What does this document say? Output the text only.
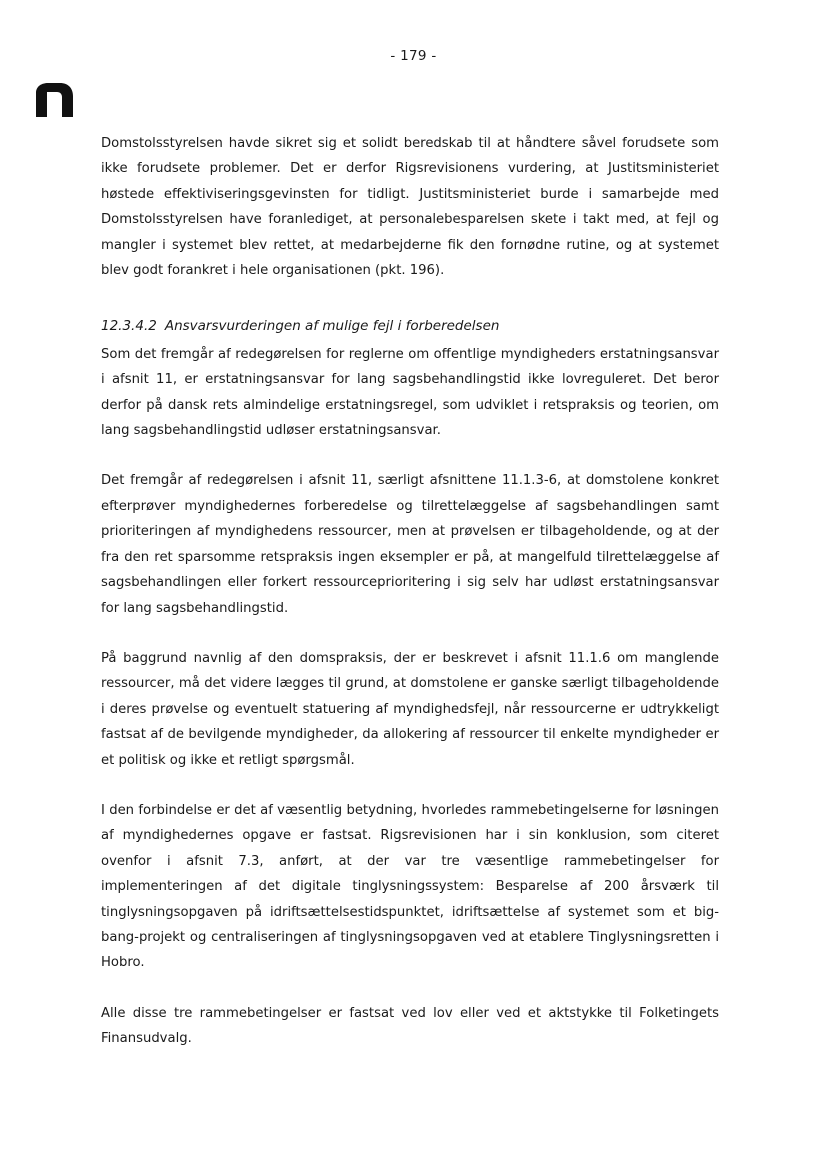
- 179 -

Domstolsstyrelsen havde sikret sig et solidt beredskab til at håndtere såvel forudsete som ikke forudsete problemer. Det er derfor Rigsrevisionens vurdering, at Justitsministeriet høstede effektiviseringsgevinsten for tidligt. Justitsministeriet burde i samarbejde med Domstolsstyrelsen have foranlediget, at personalebesparelsen skete i takt med, at fejl og mangler i systemet blev rettet, at medarbejderne fik den fornødne rutine, og at systemet blev godt forankret i hele organisationen (pkt. 196).

12.3.4.2 Ansvarsvurderingen af mulige fejl i forberedelsen

Som det fremgår af redegørelsen for reglerne om offentlige myndigheders erstatningsansvar i afsnit 11, er erstatningsansvar for lang sagsbehandlingstid ikke lovreguleret. Det beror derfor på dansk rets almindelige erstatningsregel, som udviklet i retspraksis og teorien, om lang sagsbehandlingstid udløser erstatningsansvar.

Det fremgår af redegørelsen i afsnit 11, særligt afsnittene 11.1.3-6, at domstolene konkret efterprøver myndighedernes forberedelse og tilrettelæggelse af sagsbehandlingen samt prioriteringen af myndighedens ressourcer, men at prøvelsen er tilbageholdende, og at der fra den ret sparsomme retspraksis ingen eksempler er på, at mangelfuld tilrettelæggelse af sagsbehandlingen eller forkert ressourceprioritering i sig selv har udløst erstatningsansvar for lang sagsbehandlingstid.

På baggrund navnlig af den domspraksis, der er beskrevet i afsnit 11.1.6 om manglende ressourcer, må det videre lægges til grund, at domstolene er ganske særligt tilbageholdende i deres prøvelse og eventuelt statuering af myndighedsfejl, når ressourcerne er udtrykkeligt fastsat af de bevilgende myndigheder, da allokering af ressourcer til enkelte myndigheder er et politisk og ikke et retligt spørgsmål.

I den forbindelse er det af væsentlig betydning, hvorledes rammebetingelserne for løsningen af myndighedernes opgave er fastsat. Rigsrevisionen har i sin konklusion, som citeret ovenfor i afsnit 7.3, anført, at der var tre væsentlige rammebetingelser for implementeringen af det digitale tinglysningssystem: Besparelse af 200 årsværk til tinglysningsopgaven på idriftsættelsestidspunktet, idriftsættelse af systemet som et big-bang-projekt og centraliseringen af tinglysningsopgaven ved at etablere Tinglysningsretten i Hobro.

Alle disse tre rammebetingelser er fastsat ved lov eller ved et aktstykke til Folketingets Finansudvalg.
